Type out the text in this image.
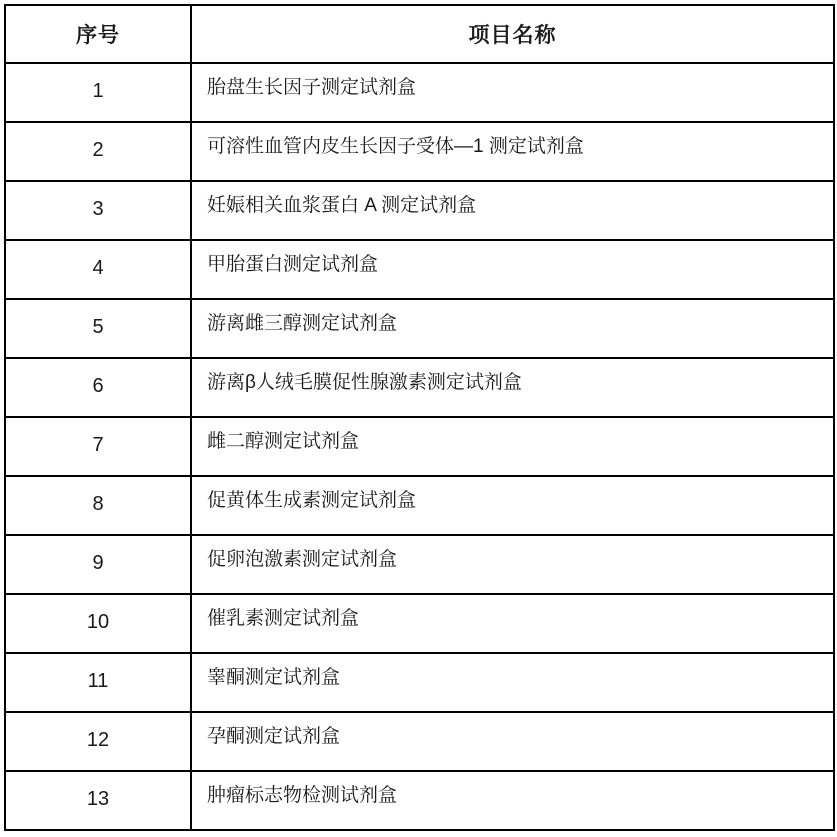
序号	项目名称
1	胎盘生长因子测定试剂盒
2	可溶性血管内皮生长因子受体—1 测定试剂盒
3	妊娠相关血浆蛋白 A 测定试剂盒
4	甲胎蛋白测定试剂盒
5	游离雌三醇测定试剂盒
6	游离β人绒毛膜促性腺激素测定试剂盒
7	雌二醇测定试剂盒
8	促黄体生成素测定试剂盒
9	促卵泡激素测定试剂盒
10	催乳素测定试剂盒
11	睾酮测定试剂盒
12	孕酮测定试剂盒
13	肿瘤标志物检测试剂盒
